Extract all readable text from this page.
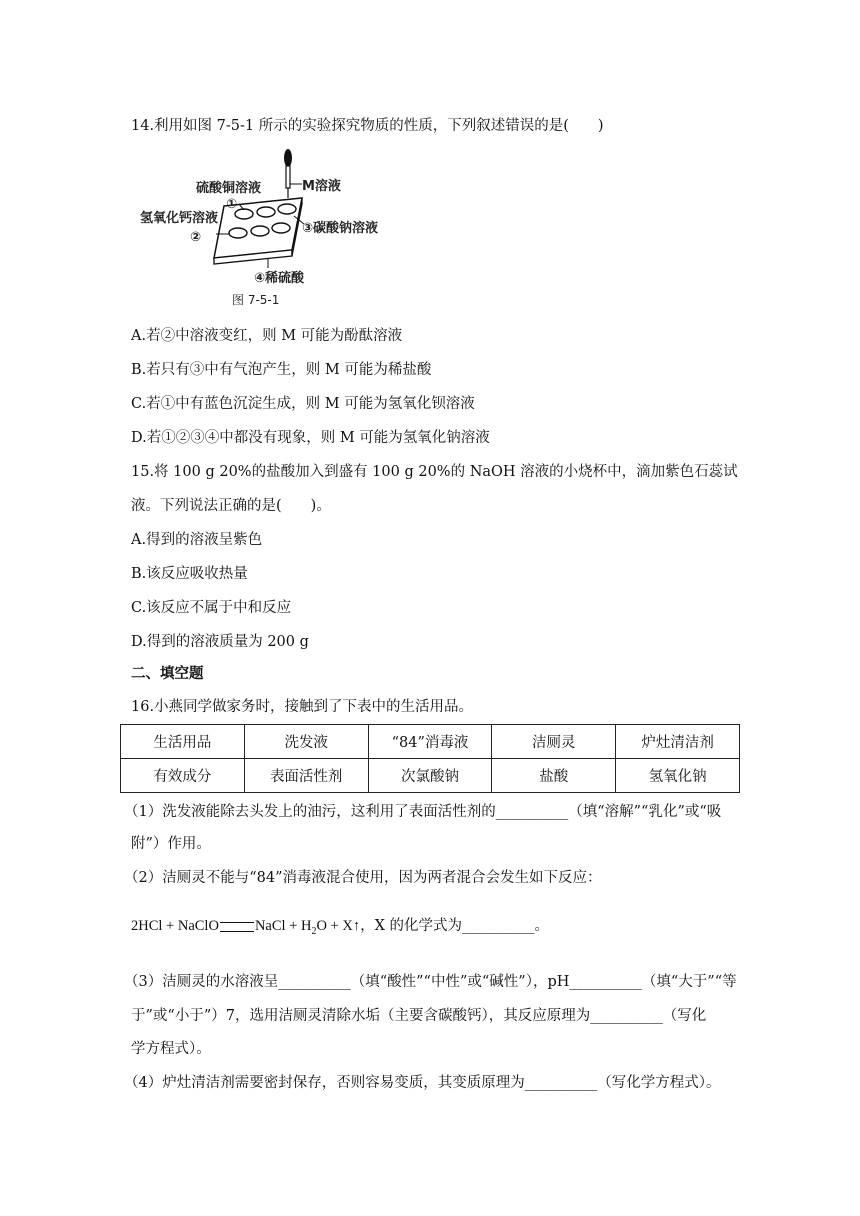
14.利用如图 7-5-1 所示的实验探究物质的性质，下列叙述错误的是(　　)
硫酸铜溶液	M溶液
①
氢氧化钙溶液
②
③碳酸钠溶液
④稀硫酸
图 7-5-1
A.若②中溶液变红，则 M 可能为酚酞溶液
B.若只有③中有气泡产生，则 M 可能为稀盐酸
C.若①中有蓝色沉淀生成，则 M 可能为氢氧化钡溶液
D.若①②③④中都没有现象，则 M 可能为氢氧化钠溶液
15.将 100 g 20%的盐酸加入到盛有 100 g 20%的 NaOH 溶液的小烧杯中，滴加紫色石蕊试
液。下列说法正确的是(　　)。
A.得到的溶液呈紫色
B.该反应吸收热量
C.该反应不属于中和反应
D.得到的溶液质量为 200 g
二、填空题
16.小燕同学做家务时，接触到了下表中的生活用品。
生活用品	洗发液	“84”消毒液	洁厕灵	炉灶清洁剂
有效成分	表面活性剂	次氯酸钠	盐酸	氢氧化钠
（1）洗发液能除去头发上的油污，这利用了表面活性剂的__________（填“溶解”“乳化”或“吸
附”）作用。
（2）洁厕灵不能与“84”消毒液混合使用，因为两者混合会发生如下反应：
2HCl + NaClO NaCl + $H_2O$ + X↑，X 的化学式为__________。
（3）洁厕灵的水溶液呈__________（填“酸性”“中性”或“碱性”），pH__________（填“大于”“等
于”或“小于”）7，选用洁厕灵清除水垢（主要含碳酸钙），其反应原理为__________（写化
学方程式）。
（4）炉灶清洁剂需要密封保存，否则容易变质，其变质原理为__________（写化学方程式）。
